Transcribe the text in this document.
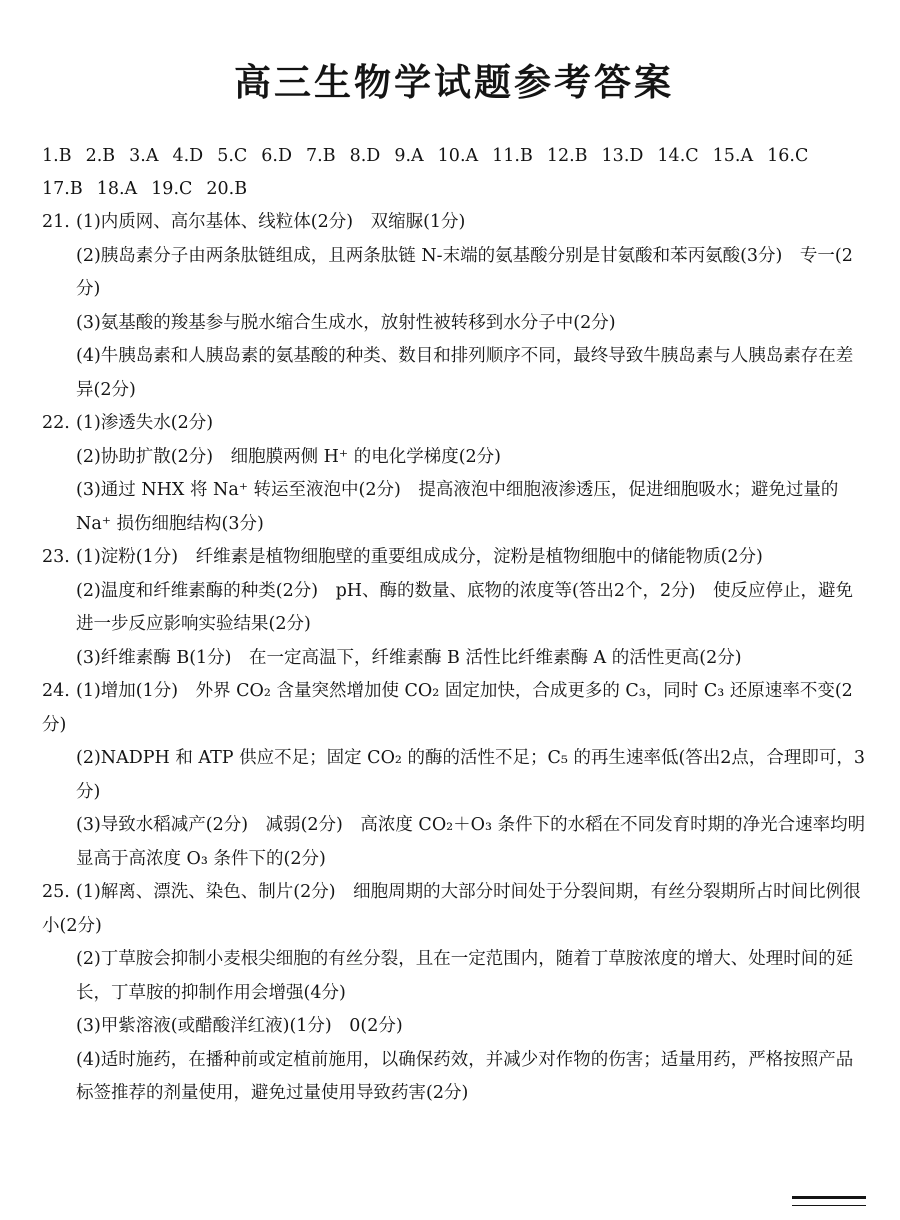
高三生物学试题参考答案
1.B 2.B 3.A 4.D 5.C 6.D 7.B 8.D 9.A 10.A 11.B 12.B 13.D 14.C 15.A 16.C
17.B 18.A 19.C 20.B
21. (1)内质网、高尔基体、线粒体(2分)　双缩脲(1分)
(2)胰岛素分子由两条肽链组成，且两条肽链 N-末端的氨基酸分别是甘氨酸和苯丙氨酸(3分)　专一(2分)
(3)氨基酸的羧基参与脱水缩合生成水，放射性被转移到水分子中(2分)
(4)牛胰岛素和人胰岛素的氨基酸的种类、数目和排列顺序不同，最终导致牛胰岛素与人胰岛素存在差异(2分)
22. (1)渗透失水(2分)
(2)协助扩散(2分)　细胞膜两侧 H⁺ 的电化学梯度(2分)
(3)通过 NHX 将 Na⁺ 转运至液泡中(2分)　提高液泡中细胞液渗透压，促进细胞吸水；避免过量的 Na⁺ 损伤细胞结构(3分)
23. (1)淀粉(1分)　纤维素是植物细胞壁的重要组成成分，淀粉是植物细胞中的储能物质(2分)
(2)温度和纤维素酶的种类(2分)　pH、酶的数量、底物的浓度等(答出2个，2分)　使反应停止，避免进一步反应影响实验结果(2分)
(3)纤维素酶 B(1分)　在一定高温下，纤维素酶 B 活性比纤维素酶 A 的活性更高(2分)
24. (1)增加(1分)　外界 CO₂ 含量突然增加使 CO₂ 固定加快，合成更多的 C₃，同时 C₃ 还原速率不变(2分)
(2)NADPH 和 ATP 供应不足；固定 CO₂ 的酶的活性不足；C₅ 的再生速率低(答出2点，合理即可，3分)
(3)导致水稻减产(2分)　减弱(2分)　高浓度 CO₂＋O₃ 条件下的水稻在不同发育时期的净光合速率均明显高于高浓度 O₃ 条件下的(2分)
25. (1)解离、漂洗、染色、制片(2分)　细胞周期的大部分时间处于分裂间期，有丝分裂期所占时间比例很小(2分)
(2)丁草胺会抑制小麦根尖细胞的有丝分裂，且在一定范围内，随着丁草胺浓度的增大、处理时间的延长，丁草胺的抑制作用会增强(4分)
(3)甲紫溶液(或醋酸洋红液)(1分)　0(2分)
(4)适时施药，在播种前或定植前施用，以确保药效，并减少对作物的伤害；适量用药，严格按照产品标签推荐的剂量使用，避免过量使用导致药害(2分)
